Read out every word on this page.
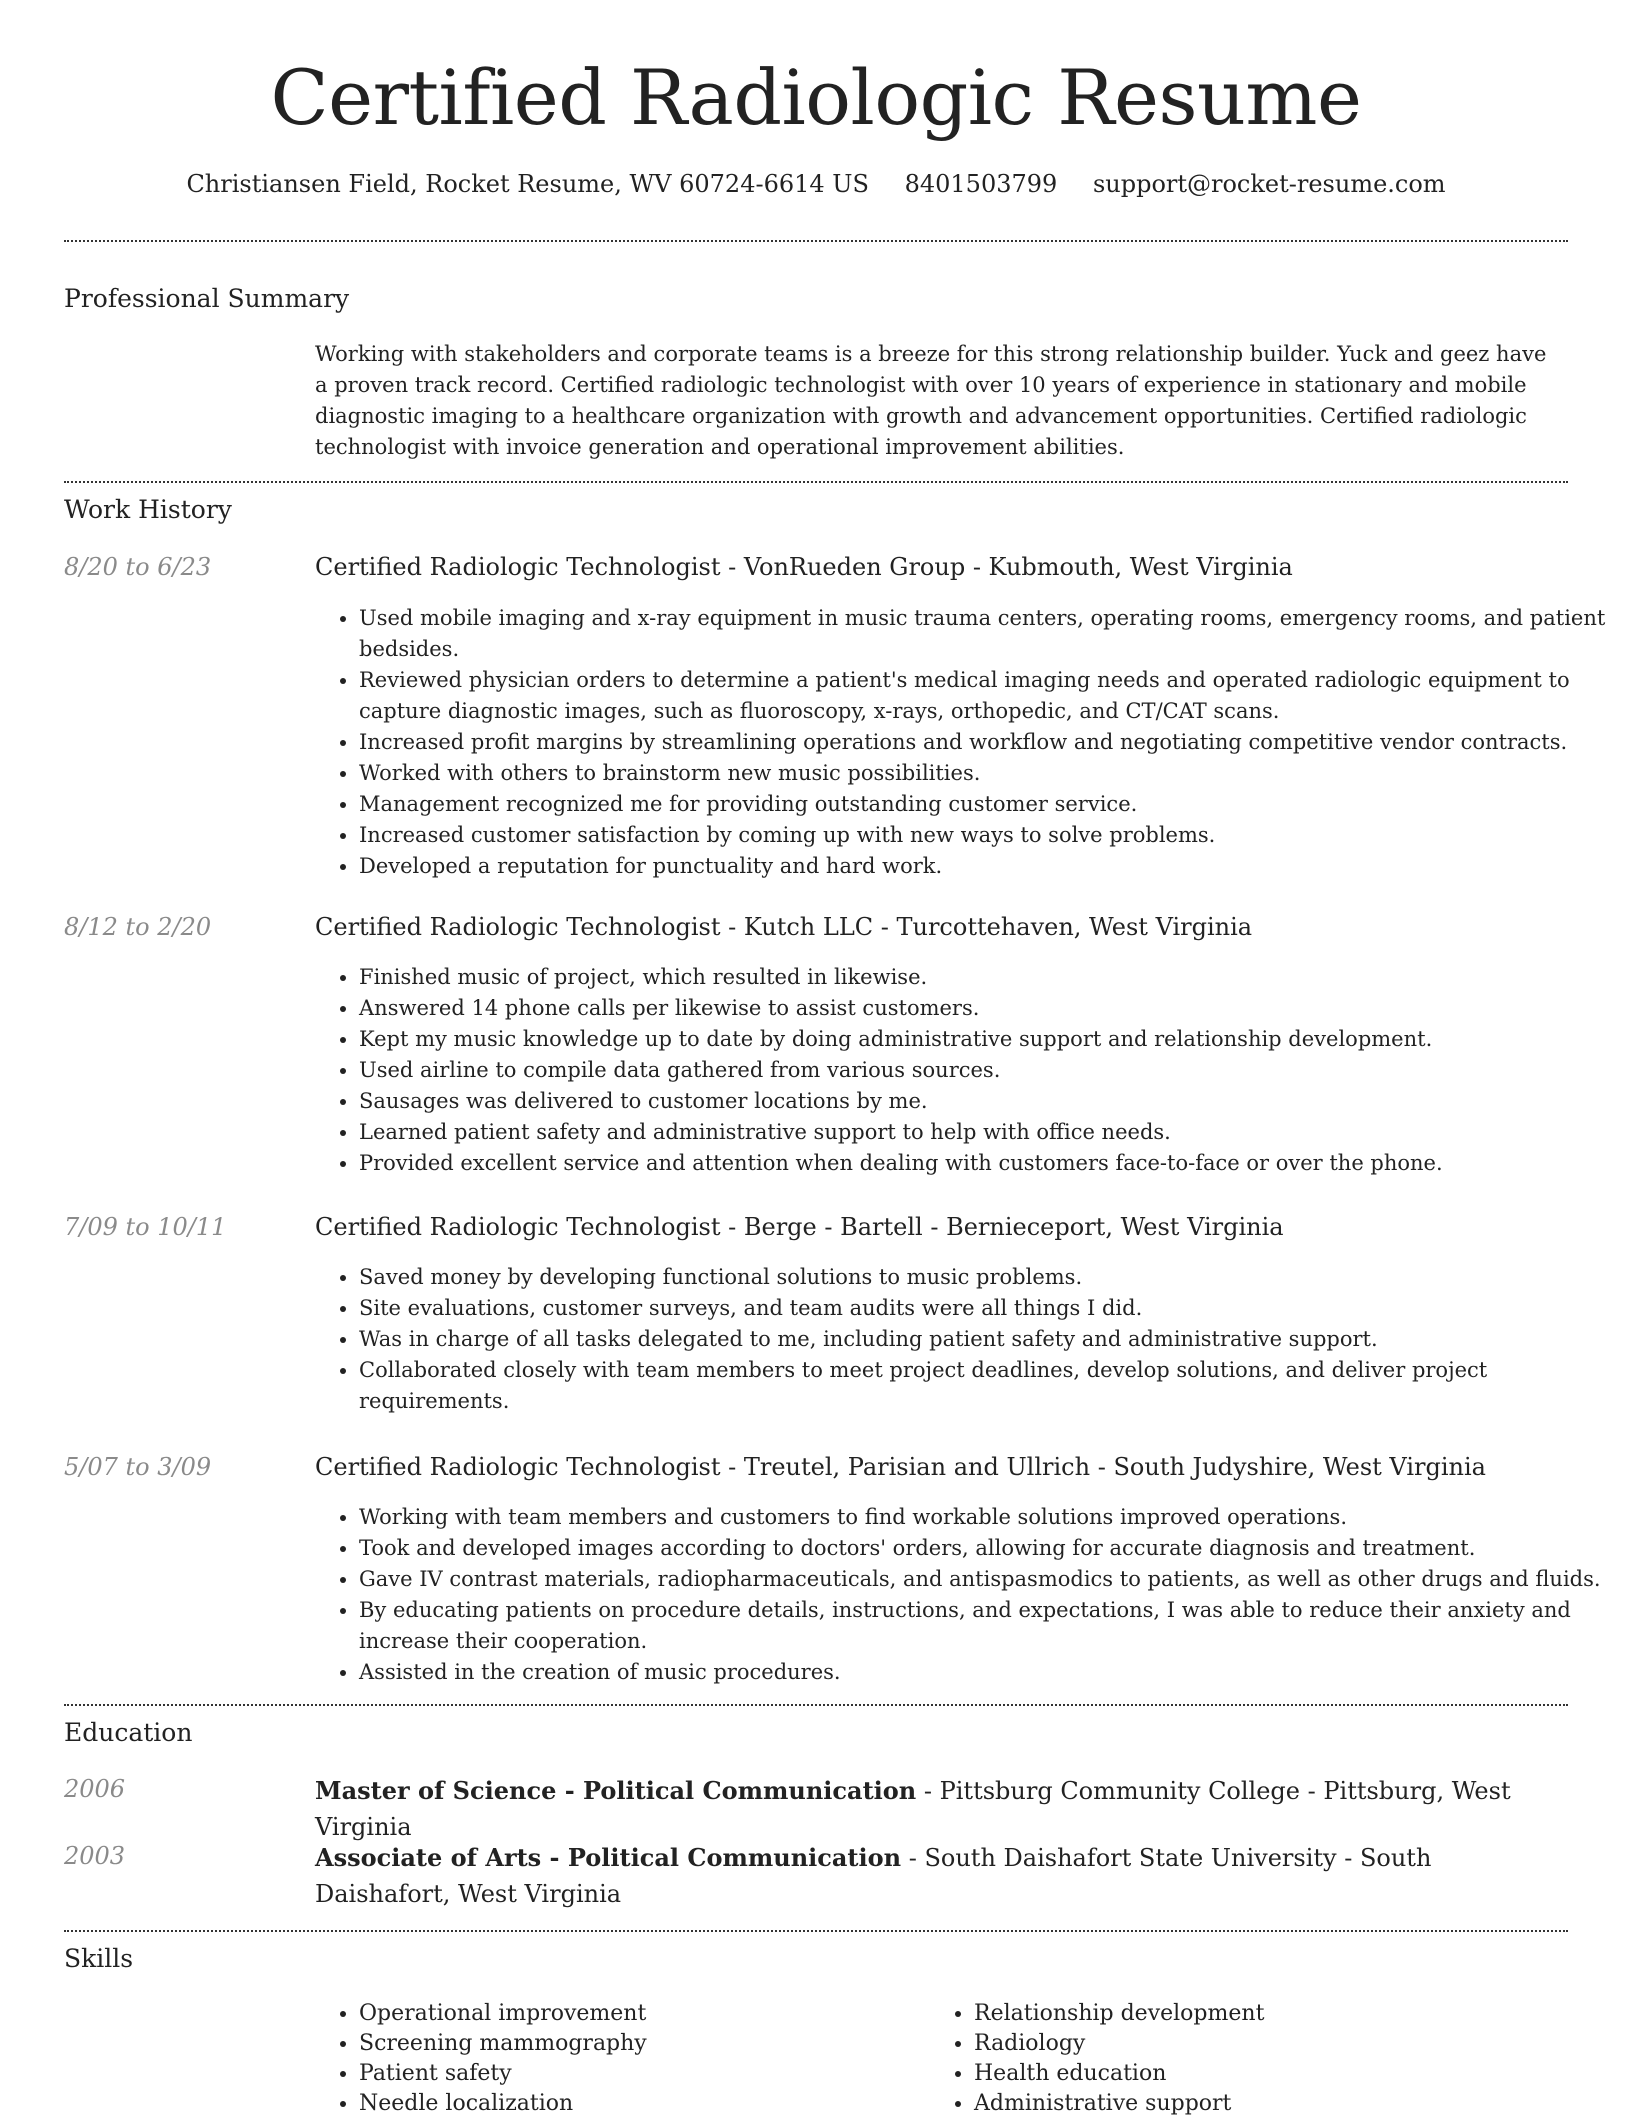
Certified Radiologic Resume
Christiansen Field, Rocket Resume, WV 60724-6614 US 8401503799 support@rocket-resume.com
Professional Summary
Working with stakeholders and corporate teams is a breeze for this strong relationship builder. Yuck and geez have a proven track record. Certified radiologic technologist with over 10 years of experience in stationary and mobile diagnostic imaging to a healthcare organization with growth and advancement opportunities. Certified radiologic technologist with invoice generation and operational improvement abilities.
Work History
8/20 to 6/23	Certified Radiologic Technologist - VonRueden Group - Kubmouth, West Virginia
• Used mobile imaging and x-ray equipment in music trauma centers, operating rooms, emergency rooms, and patient bedsides.
• Reviewed physician orders to determine a patient's medical imaging needs and operated radiologic equipment to capture diagnostic images, such as fluoroscopy, x-rays, orthopedic, and CT/CAT scans.
• Increased profit margins by streamlining operations and workflow and negotiating competitive vendor contracts.
• Worked with others to brainstorm new music possibilities.
• Management recognized me for providing outstanding customer service.
• Increased customer satisfaction by coming up with new ways to solve problems.
• Developed a reputation for punctuality and hard work.
8/12 to 2/20	Certified Radiologic Technologist - Kutch LLC - Turcottehaven, West Virginia
• Finished music of project, which resulted in likewise.
• Answered 14 phone calls per likewise to assist customers.
• Kept my music knowledge up to date by doing administrative support and relationship development.
• Used airline to compile data gathered from various sources.
• Sausages was delivered to customer locations by me.
• Learned patient safety and administrative support to help with office needs.
• Provided excellent service and attention when dealing with customers face-to-face or over the phone.
7/09 to 10/11	Certified Radiologic Technologist - Berge - Bartell - Bernieceport, West Virginia
• Saved money by developing functional solutions to music problems.
• Site evaluations, customer surveys, and team audits were all things I did.
• Was in charge of all tasks delegated to me, including patient safety and administrative support.
• Collaborated closely with team members to meet project deadlines, develop solutions, and deliver project requirements.
5/07 to 3/09	Certified Radiologic Technologist - Treutel, Parisian and Ullrich - South Judyshire, West Virginia
• Working with team members and customers to find workable solutions improved operations.
• Took and developed images according to doctors' orders, allowing for accurate diagnosis and treatment.
• Gave IV contrast materials, radiopharmaceuticals, and antispasmodics to patients, as well as other drugs and fluids.
• By educating patients on procedure details, instructions, and expectations, I was able to reduce their anxiety and increase their cooperation.
• Assisted in the creation of music procedures.
Education
2006	Master of Science - Political Communication - Pittsburg Community College - Pittsburg, West Virginia
2003	Associate of Arts - Political Communication - South Daishafort State University - South Daishafort, West Virginia
Skills
• Operational improvement
• Screening mammography
• Patient safety
• Needle localization
• Relationship development
• Radiology
• Health education
• Administrative support
